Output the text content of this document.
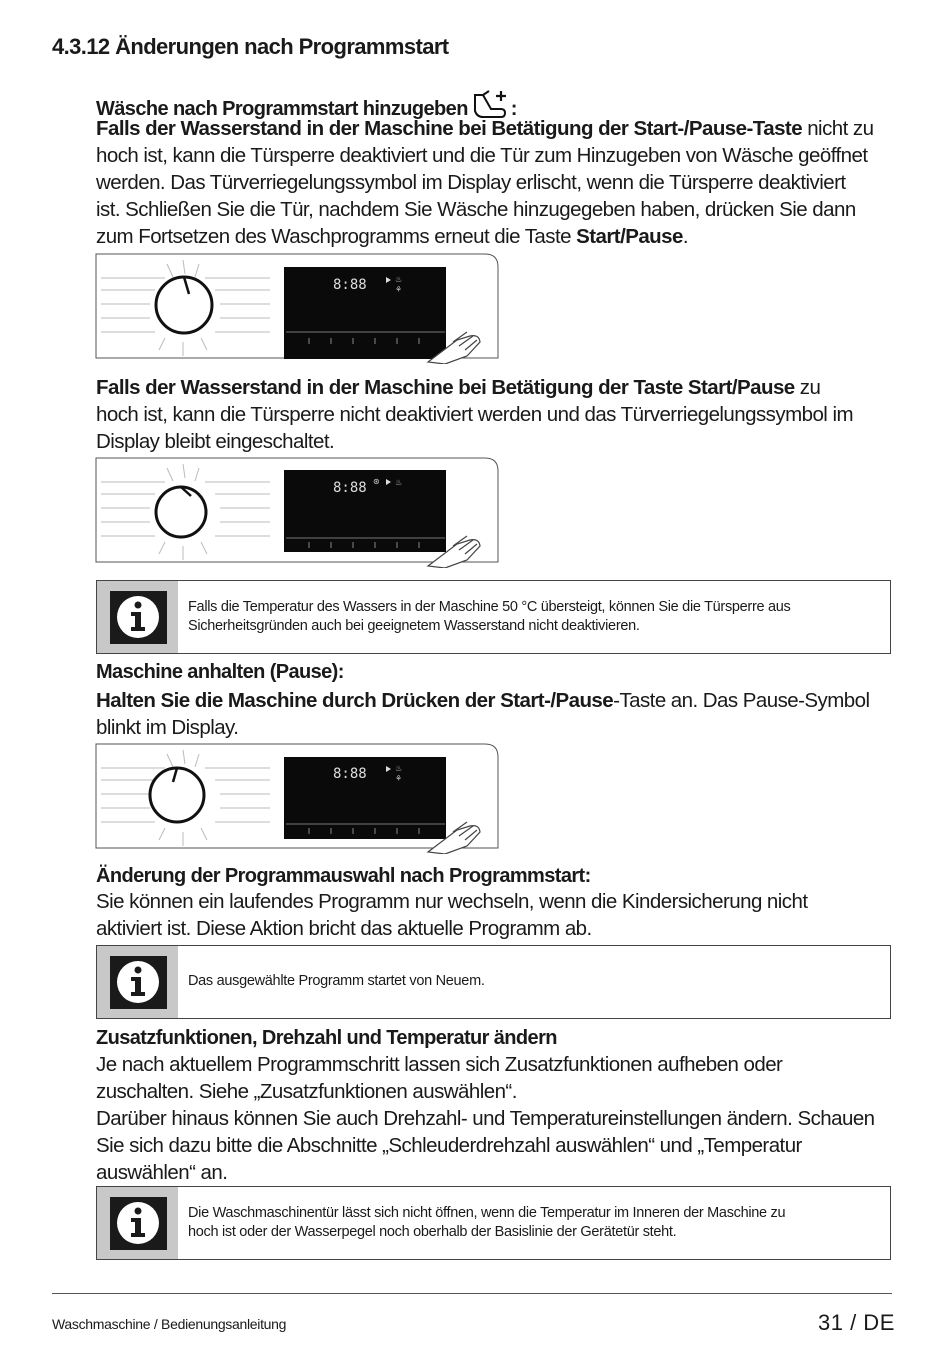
4.3.12 Änderungen nach Programmstart
Wäsche nach Programmstart hinzugeben :
Falls der Wasserstand in der Maschine bei Betätigung der Start-/Pause-Taste nicht zu
hoch ist, kann die Türsperre deaktiviert und die Tür zum Hinzugeben von Wäsche geöffnet
werden. Das Türverriegelungssymbol im Display erlischt, wenn die Türsperre deaktiviert
ist. Schließen Sie die Tür, nachdem Sie Wäsche hinzugegeben haben, drücken Sie dann
zum Fortsetzen des Waschprogramms erneut die Taste Start/Pause.
8:88	♨
⚘
Falls der Wasserstand in der Maschine bei Betätigung der Taste Start/Pause zu
hoch ist, kann die Türsperre nicht deaktiviert werden und das Türverriegelungssymbol im
Display bleibt eingeschaltet.
8:88 ⊛ ♨
Falls die Temperatur des Wassers in der Maschine 50 °C übersteigt, können Sie die Türsperre aus
Sicherheitsgründen auch bei geeignetem Wasserstand nicht deaktivieren.
Maschine anhalten (Pause):
Halten Sie die Maschine durch Drücken der Start-/Pause-Taste an. Das Pause-Symbol
blinkt im Display.
8:88	♨
⚘
Änderung der Programmauswahl nach Programmstart:
Sie können ein laufendes Programm nur wechseln, wenn die Kindersicherung nicht
aktiviert ist. Diese Aktion bricht das aktuelle Programm ab.
Das ausgewählte Programm startet von Neuem.
Zusatzfunktionen, Drehzahl und Temperatur ändern
Je nach aktuellem Programmschritt lassen sich Zusatzfunktionen aufheben oder
zuschalten. Siehe „Zusatzfunktionen auswählen“.
Darüber hinaus können Sie auch Drehzahl- und Temperatureinstellungen ändern. Schauen
Sie sich dazu bitte die Abschnitte „Schleuderdrehzahl auswählen“ und „Temperatur
auswählen“ an.
Die Waschmaschinentür lässt sich nicht öffnen, wenn die Temperatur im Inneren der Maschine zu
hoch ist oder der Wasserpegel noch oberhalb der Basislinie der Gerätetür steht.
Waschmaschine / Bedienungsanleitung	31 / DE
